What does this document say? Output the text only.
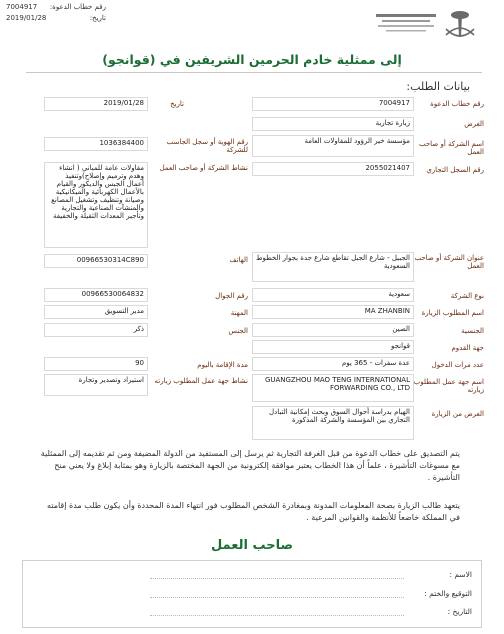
رقم خطاب الدعوة:
7004917
تاريخ:
2019/01/28
إلى ممثلية خادم الحرمين الشريفين في (قوانجو)
بيانات الطلب:
رقم خطاب الدعوة
7004917
تاريخ
2019/01/28
الغرض
زيارة تجارية
اسم الشركة أو صاحب العمل
مؤسسة خير الرؤود للمقاولات العامة
رقم الهوية أو سجل الجاسب للشركة
1036384400
رقم السجل التجاري
2055021407
نشاط الشركة أو صاحب العمل
مقاولات عامة للمباني ( انشاء وهدم وترميم وإصلاح)وتنفيذ أعمال الجبس والديكور والقيام بالأعمال الكهربائية والميكانيكية وصيانة وتنظيف وتشغيل المصانع والمنشآت الصناعية والتجارية وتأجير المعدات الثقيلة والخفيفة
عنوان الشركة أو صاحب العمل
الجبيل - شارع الجبل تقاطع شارع جدة بجوار الخطوط السعودية
الهاتف
00966530314C890
نوع الشركة
سعودية
رقم الجوال
00966530064832
اسم المطلوب الزيارة
MA ZHANBIN
المهنة
مدير التسويق
الجنسية
الصين
الجنس
ذكر
جهة القدوم
قوانجو
عدد مرات الدخول
عدة سفرات - 365 يوم
مدة الإقامة باليوم
90
اسم جهة عمل المطلوب زيارته
GUANGZHOU MAO TENG INTERNATIONAL FORWARDING CO., LTD
نشاط جهة عمل المطلوب زيارته
استيراد وتصدير وتجارة
الغرض من الزيارة
الهيام بدراسة أحوال السوق وبحث إمكانية التبادل التجاري بين المؤسسة والشركة المذكورة
يتم التصديق على خطاب الدعوة من قبل الغرفة التجارية ثم يرسل إلى المستفيد من الدولة المضيفة ومن ثم تقديمه إلى الممثلية مع مسوغات التأشيرة ، علماً أن هذا الخطاب يعتبر موافقة إلكترونية من الجهة المختصة بالزيارة وهو بمثابة إبلاغ ولا يعني منح التأشيرة .
يتعهد طالب الزيارة بصحة المعلومات المدونة وبمغادرة الشخص المطلوب فور انتهاء المدة المحددة وأن يكون طلب مدة إقامته في المملكة خاضعاً للأنظمة والقوانين المرعية .
صاحب العمل
الاسم :
التوقيع والختم :
التاريخ :
